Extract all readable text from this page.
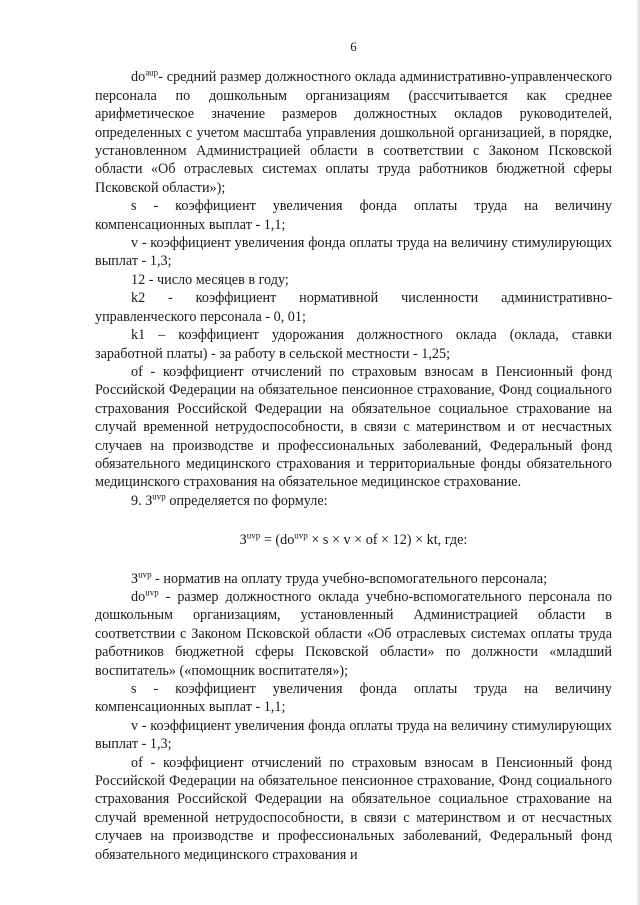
6

$do^{aup}-$ средний размер должностного оклада административно-управленческого персонала по дошкольным организациям (рассчитывается как среднее арифметическое значение размеров должностных окладов руководителей, определенных с учетом масштаба управления дошкольной организацией, в порядке, установленном Администрацией области в соответствии с Законом Псковской области «Об отраслевых системах оплаты труда работников бюджетной сферы Псковской области»);

s - коэффициент увеличения фонда оплаты труда на величину компенсационных выплат - 1,1;

v - коэффициент увеличения фонда оплаты труда на величину стимулирующих выплат - 1,3;

12 - число месяцев в году;

k2 - коэффициент нормативной численности административно-управленческого персонала - 0, 01;

k1 – коэффициент удорожания должностного оклада (оклада, ставки заработной платы) - за работу в сельской местности - 1,25;

of - коэффициент отчислений по страховым взносам в Пенсионный фонд Российской Федерации на обязательное пенсионное страхование, Фонд социального страхования Российской Федерации на обязательное социальное страхование на случай временной нетрудоспособности, в связи с материнством и от несчастных случаев на производстве и профессиональных заболеваний, Федеральный фонд обязательного медицинского страхования и территориальные фонды обязательного медицинского страхования на обязательное медицинское страхование.

9. $З^{uvp}$ определяется по формуле:

$З^{uvp} = (do^{uvp} \times s \times v$ × of × 12) × kt, где:

$З^{uvp}$ - норматив на оплату труда учебно-вспомогательного персонала;

$do^{uvp}$ - размер должностного оклада учебно-вспомогательного персонала по дошкольным организациям, установленный Администрацией области в соответствии с Законом Псковской области «Об отраслевых системах оплаты труда работников бюджетной сферы Псковской области» по должности «младший воспитатель» («помощник воспитателя»);

s - коэффициент увеличения фонда оплаты труда на величину компенсационных выплат - 1,1;

v - коэффициент увеличения фонда оплаты труда на величину стимулирующих выплат - 1,3;

of - коэффициент отчислений по страховым взносам в Пенсионный фонд Российской Федерации на обязательное пенсионное страхование, Фонд социального страхования Российской Федерации на обязательное социальное страхование на случай временной нетрудоспособности, в связи с материнством и от несчастных случаев на производстве и профессиональных заболеваний, Федеральный фонд обязательного медицинского страхования и
